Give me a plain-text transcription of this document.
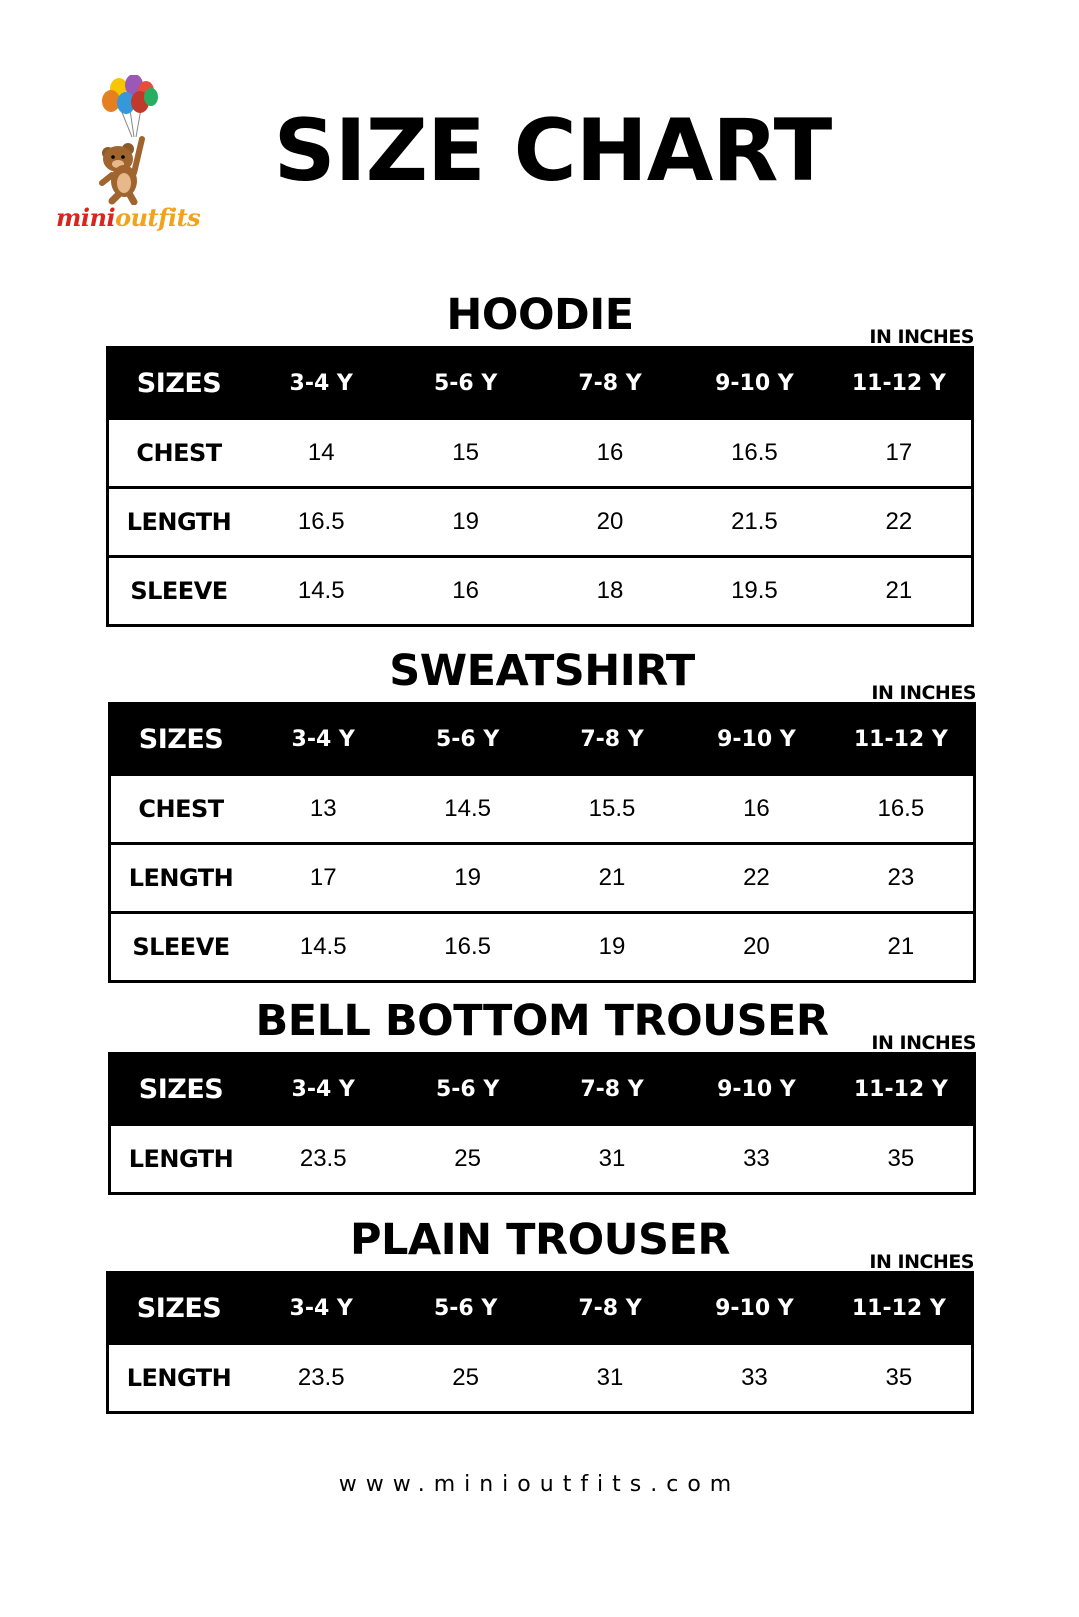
minioutfits
SIZE CHART
HOODIE	IN INCHES
SIZES	3-4 Y	5-6 Y	7-8 Y	9-10 Y	11-12 Y
CHEST	14	15	16	16.5	17
LENGTH	16.5	19	20	21.5	22
SLEEVE	14.5	16	18	19.5	21
SWEATSHIRT	IN INCHES
SIZES	3-4 Y	5-6 Y	7-8 Y	9-10 Y	11-12 Y
CHEST	13	14.5	15.5	16	16.5
LENGTH	17	19	21	22	23
SLEEVE	14.5	16.5	19	20	21
BELL BOTTOM TROUSER	IN INCHES
SIZES	3-4 Y	5-6 Y	7-8 Y	9-10 Y	11-12 Y
LENGTH	23.5	25	31	33	35
PLAIN TROUSER	IN INCHES
SIZES	3-4 Y	5-6 Y	7-8 Y	9-10 Y	11-12 Y
LENGTH	23.5	25	31	33	35
www.minioutfits.com
